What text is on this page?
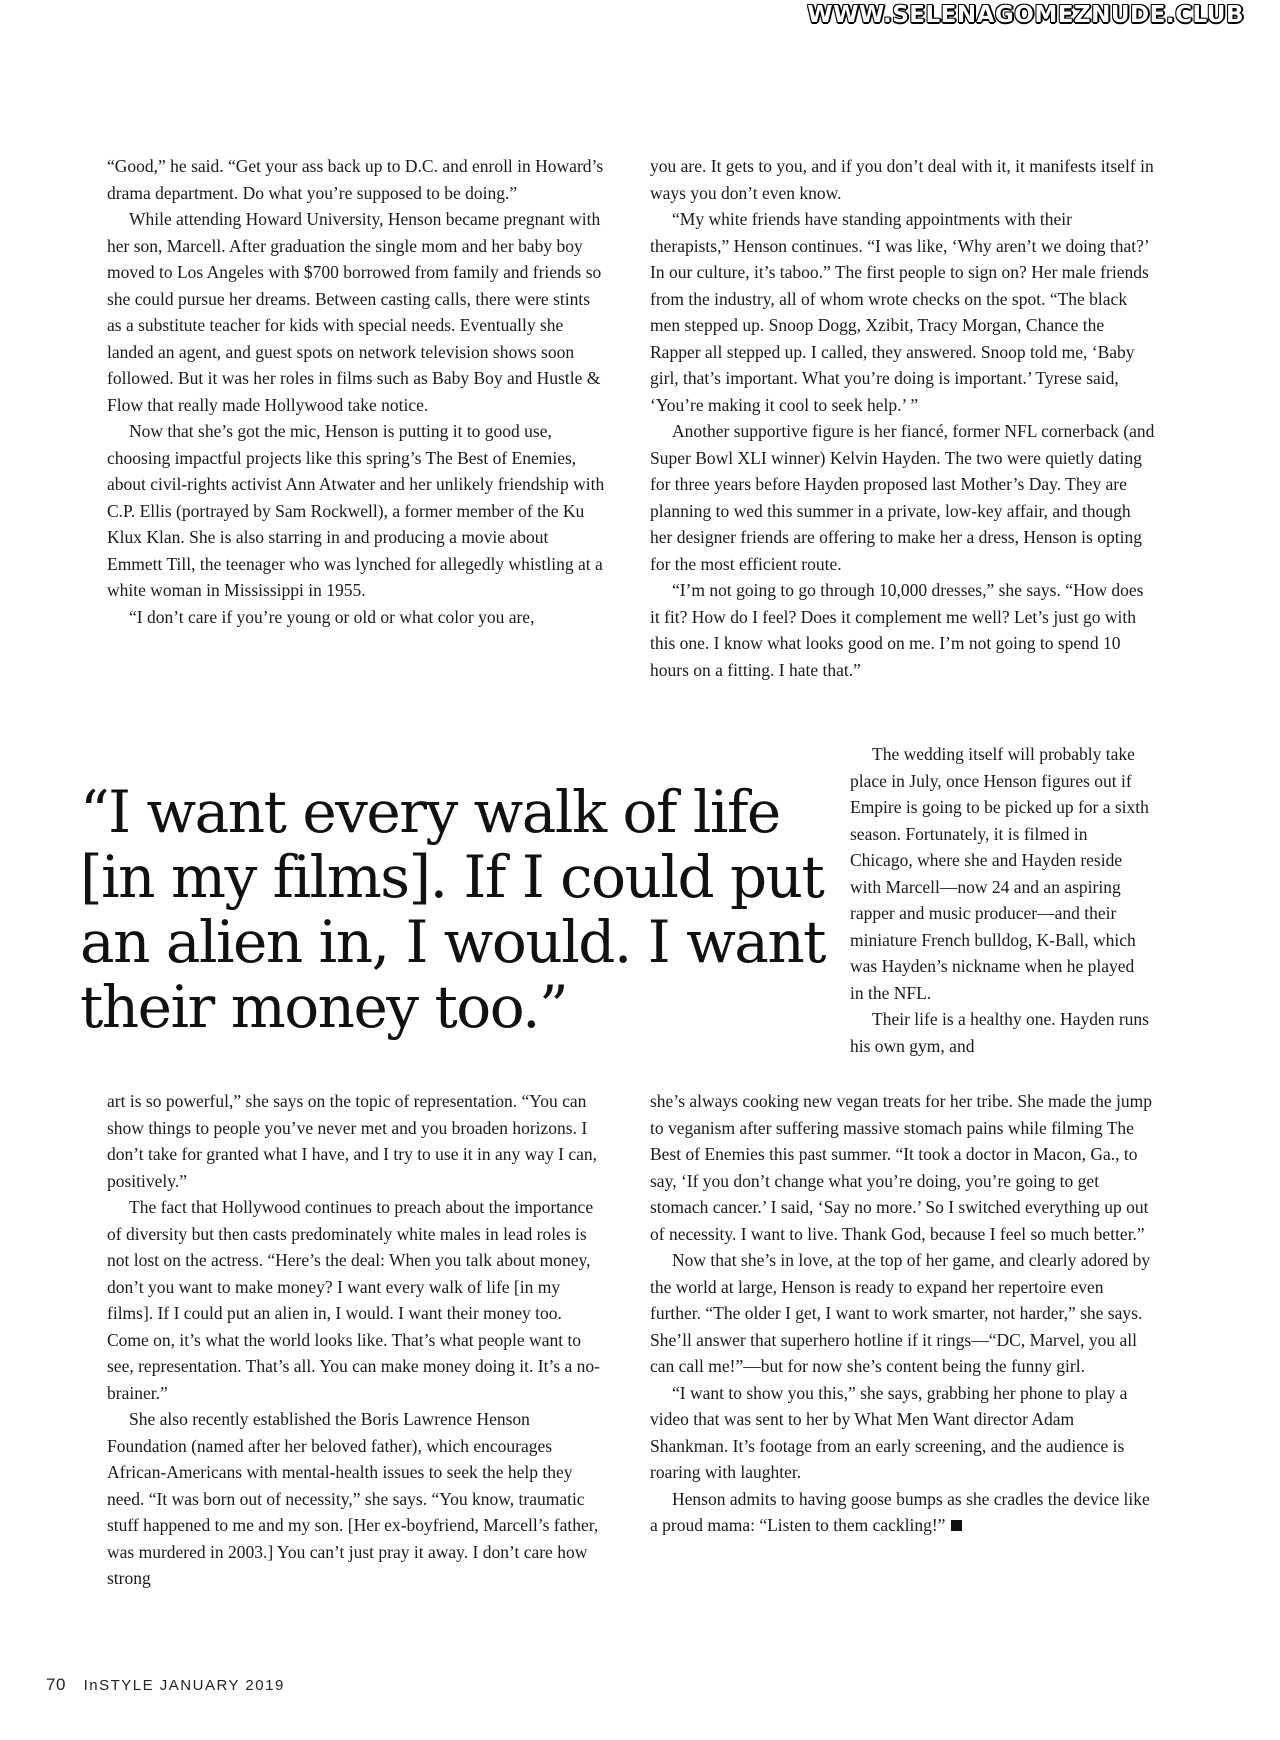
WWW.SELENAGOMEZNUDE.CLUB

“Good,” he said. “Get your ass back up to D.C. and enroll in Howard’s drama department. Do what you’re supposed to be doing.”

While attending Howard University, Henson became pregnant with her son, Marcell. After graduation the single mom and her baby boy moved to Los Angeles with $700 borrowed from family and friends so she could pursue her dreams. Between casting calls, there were stints as a substitute teacher for kids with special needs. Eventually she landed an agent, and guest spots on network television shows soon followed. But it was her roles in films such as Baby Boy and Hustle & Flow that really made Hollywood take notice.

Now that she’s got the mic, Henson is putting it to good use, choosing impactful projects like this spring’s The Best of Enemies, about civil-rights activist Ann Atwater and her unlikely friendship with C.P. Ellis (portrayed by Sam Rockwell), a former member of the Ku Klux Klan. She is also starring in and producing a movie about Emmett Till, the teenager who was lynched for allegedly whistling at a white woman in Mississippi in 1955.

“I don’t care if you’re young or old or what color you are,

you are. It gets to you, and if you don’t deal with it, it manifests itself in ways you don’t even know.

“My white friends have standing appointments with their therapists,” Henson continues. “I was like, ‘Why aren’t we doing that?’ In our culture, it’s taboo.” The first people to sign on? Her male friends from the industry, all of whom wrote checks on the spot. “The black men stepped up. Snoop Dogg, Xzibit, Tracy Morgan, Chance the Rapper all stepped up. I called, they answered. Snoop told me, ‘Baby girl, that’s important. What you’re doing is important.’ Tyrese said, ‘You’re making it cool to seek help.’ ”

Another supportive figure is her fiancé, former NFL cornerback (and Super Bowl XLI winner) Kelvin Hayden. The two were quietly dating for three years before Hayden proposed last Mother’s Day. They are planning to wed this summer in a private, low-key affair, and though her designer friends are offering to make her a dress, Henson is opting for the most efficient route.

“I’m not going to go through 10,000 dresses,” she says. “How does it fit? How do I feel? Does it complement me well? Let’s just go with this one. I know what looks good on me. I’m not going to spend 10 hours on a fitting. I hate that.”

“I want every walk of life [in my films]. If I could put an alien in, I would. I want their money too.”

The wedding itself will probably take place in July, once Henson figures out if Empire is going to be picked up for a sixth season. Fortunately, it is filmed in Chicago, where she and Hayden reside with Marcell—now 24 and an aspiring rapper and music producer—and their miniature French bulldog, K-Ball, which was Hayden’s nickname when he played in the NFL.

Their life is a healthy one. Hayden runs his own gym, and

art is so powerful,” she says on the topic of representation. “You can show things to people you’ve never met and you broaden horizons. I don’t take for granted what I have, and I try to use it in any way I can, positively.”

The fact that Hollywood continues to preach about the importance of diversity but then casts predominately white males in lead roles is not lost on the actress. “Here’s the deal: When you talk about money, don’t you want to make money? I want every walk of life [in my films]. If I could put an alien in, I would. I want their money too. Come on, it’s what the world looks like. That’s what people want to see, representation. That’s all. You can make money doing it. It’s a no-brainer.”

She also recently established the Boris Lawrence Henson Foundation (named after her beloved father), which encourages African-Americans with mental-health issues to seek the help they need. “It was born out of necessity,” she says. “You know, traumatic stuff happened to me and my son. [Her ex-boyfriend, Marcell’s father, was murdered in 2003.] You can’t just pray it away. I don’t care how strong

she’s always cooking new vegan treats for her tribe. She made the jump to veganism after suffering massive stomach pains while filming The Best of Enemies this past summer. “It took a doctor in Macon, Ga., to say, ‘If you don’t change what you’re doing, you’re going to get stomach cancer.’ I said, ‘Say no more.’ So I switched everything up out of necessity. I want to live. Thank God, because I feel so much better.”

Now that she’s in love, at the top of her game, and clearly adored by the world at large, Henson is ready to expand her repertoire even further. “The older I get, I want to work smarter, not harder,” she says. She’ll answer that superhero hotline if it rings—“DC, Marvel, you all can call me!”—but for now she’s content being the funny girl.

“I want to show you this,” she says, grabbing her phone to play a video that was sent to her by What Men Want director Adam Shankman. It’s footage from an early screening, and the audience is roaring with laughter.

Henson admits to having goose bumps as she cradles the device like a proud mama: “Listen to them cackling!”

70 InSTYLE JANUARY 2019
